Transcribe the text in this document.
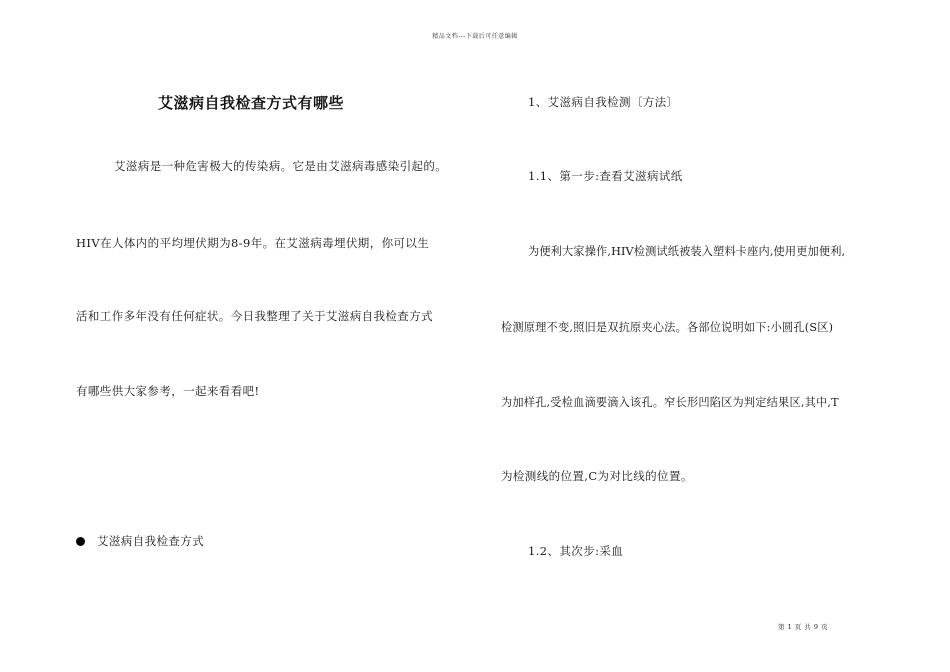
精品文档---下载后可任意编辑
艾滋病自我检查方式有哪些
艾滋病是一种危害极大的传染病。它是由艾滋病毒感染引起的。
HIV在人体内的平均埋伏期为8-9年。在艾滋病毒埋伏期，你可以生
活和工作多年没有任何症状。今日我整理了关于艾滋病自我检查方式
有哪些供大家参考，一起来看看吧!
艾滋病自我检查方式
1、艾滋病自我检测〔方法〕
1.1、第一步:查看艾滋病试纸
为便利大家操作,HIV检测试纸被装入塑料卡座内,使用更加便利,
检测原理不变,照旧是双抗原夹心法。各部位说明如下:小圆孔(S区)
为加样孔,受检血滴要滴入该孔。窄长形凹陷区为判定结果区,其中,T
为检测线的位置,C为对比线的位置。
1.2、其次步:采血
第 1 页 共 9 页
